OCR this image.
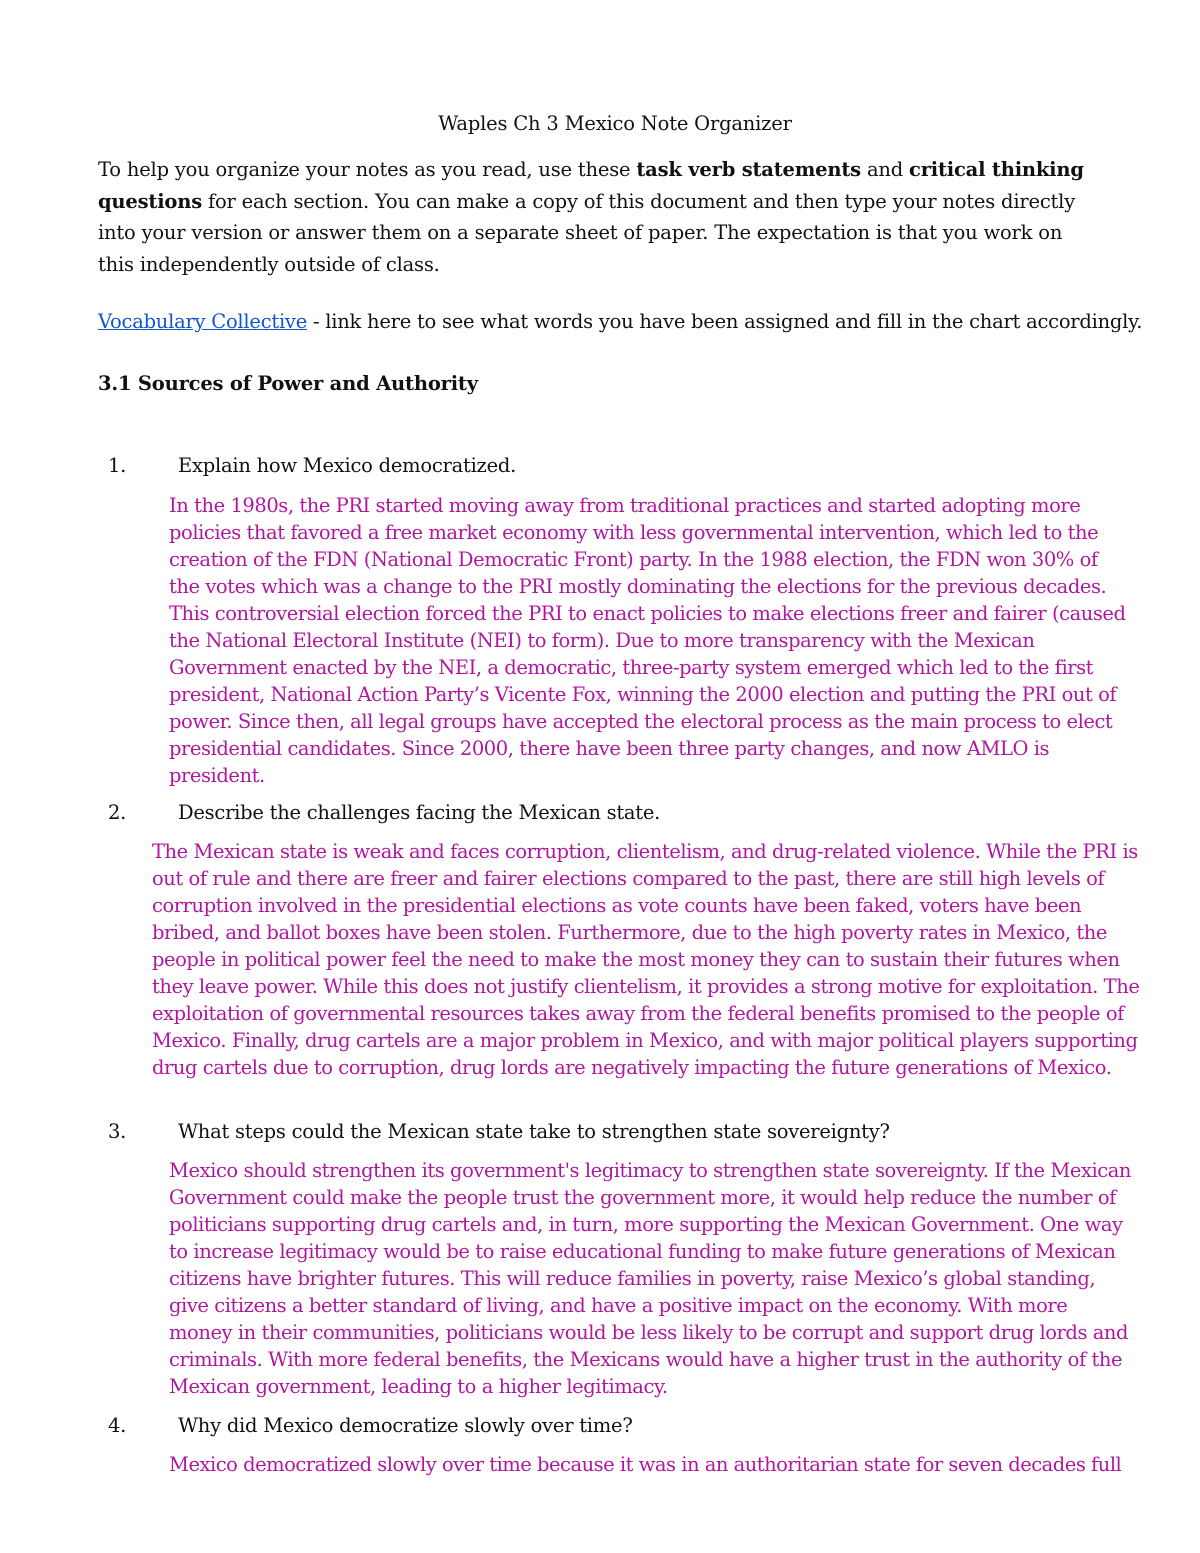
Waples Ch 3 Mexico Note Organizer
To help you organize your notes as you read, use these task verb statements and critical thinking questions for each section. You can make a copy of this document and then type your notes directly into your version or answer them on a separate sheet of paper. The expectation is that you work on this independently outside of class.
Vocabulary Collective - link here to see what words you have been assigned and fill in the chart accordingly.
3.1 Sources of Power and Authority
1.	Explain how Mexico democratized.
In the 1980s, the PRI started moving away from traditional practices and started adopting more policies that favored a free market economy with less governmental intervention, which led to the creation of the FDN (National Democratic Front) party. In the 1988 election, the FDN won 30% of the votes which was a change to the PRI mostly dominating the elections for the previous decades. This controversial election forced the PRI to enact policies to make elections freer and fairer (caused the National Electoral Institute (NEI) to form). Due to more transparency with the Mexican Government enacted by the NEI, a democratic, three-party system emerged which led to the first president, National Action Party’s Vicente Fox, winning the 2000 election and putting the PRI out of power. Since then, all legal groups have accepted the electoral process as the main process to elect presidential candidates. Since 2000, there have been three party changes, and now AMLO is president.
2.	Describe the challenges facing the Mexican state.
The Mexican state is weak and faces corruption, clientelism, and drug-related violence. While the PRI is out of rule and there are freer and fairer elections compared to the past, there are still high levels of corruption involved in the presidential elections as vote counts have been faked, voters have been bribed, and ballot boxes have been stolen. Furthermore, due to the high poverty rates in Mexico, the people in political power feel the need to make the most money they can to sustain their futures when they leave power. While this does not justify clientelism, it provides a strong motive for exploitation. The exploitation of governmental resources takes away from the federal benefits promised to the people of Mexico. Finally, drug cartels are a major problem in Mexico, and with major political players supporting drug cartels due to corruption, drug lords are negatively impacting the future generations of Mexico.
3.	What steps could the Mexican state take to strengthen state sovereignty?
Mexico should strengthen its government's legitimacy to strengthen state sovereignty. If the Mexican Government could make the people trust the government more, it would help reduce the number of politicians supporting drug cartels and, in turn, more supporting the Mexican Government. One way to increase legitimacy would be to raise educational funding to make future generations of Mexican citizens have brighter futures. This will reduce families in poverty, raise Mexico’s global standing, give citizens a better standard of living, and have a positive impact on the economy. With more money in their communities, politicians would be less likely to be corrupt and support drug lords and criminals. With more federal benefits, the Mexicans would have a higher trust in the authority of the Mexican government, leading to a higher legitimacy.
4.	Why did Mexico democratize slowly over time?
Mexico democratized slowly over time because it was in an authoritarian state for seven decades full
